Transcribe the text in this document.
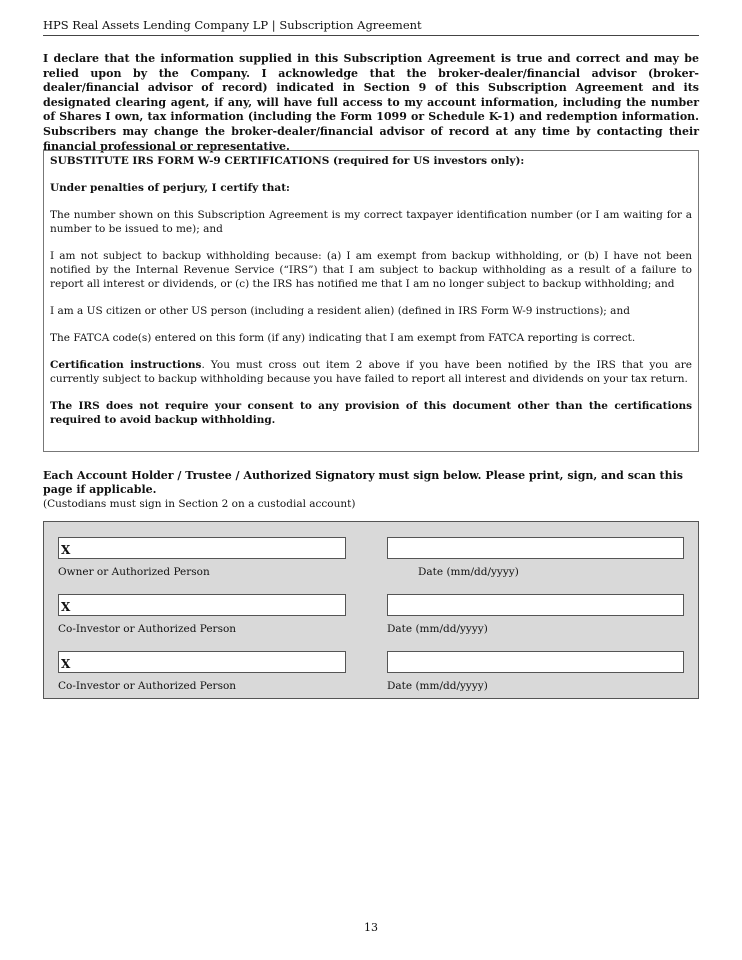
HPS Real Assets Lending Company LP | Subscription Agreement
I declare that the information supplied in this Subscription Agreement is true and correct and may be relied upon by the Company. I acknowledge that the broker-dealer/financial advisor (broker-dealer/financial advisor of record) indicated in Section 9 of this Subscription Agreement and its designated clearing agent, if any, will have full access to my account information, including the number of Shares I own, tax information (including the Form 1099 or Schedule K-1) and redemption information. Subscribers may change the broker-dealer/financial advisor of record at any time by contacting their financial professional or representative.

SUBSTITUTE IRS FORM W-9 CERTIFICATIONS (required for US investors only):

Under penalties of perjury, I certify that:

The number shown on this Subscription Agreement is my correct taxpayer identification number (or I am waiting for a number to be issued to me); and

I am not subject to backup withholding because: (a) I am exempt from backup withholding, or (b) I have not been notified by the Internal Revenue Service (“IRS”) that I am subject to backup withholding as a result of a failure to report all interest or dividends, or (c) the IRS has notified me that I am no longer subject to backup withholding; and

I am a US citizen or other US person (including a resident alien) (defined in IRS Form W-9 instructions); and

The FATCA code(s) entered on this form (if any) indicating that I am exempt from FATCA reporting is correct.

Certification instructions. You must cross out item 2 above if you have been notified by the IRS that you are currently subject to backup withholding because you have failed to report all interest and dividends on your tax return.

The IRS does not require your consent to any provision of this document other than the certifications required to avoid backup withholding.

Each Account Holder / Trustee / Authorized Signatory must sign below. Please print, sign, and scan this page if applicable.
(Custodians must sign in Section 2 on a custodial account)
X
Owner or Authorized Person	Date (mm/dd/yyyy)
X
Co-Investor or Authorized Person	Date (mm/dd/yyyy)
X
Co-Investor or Authorized Person	Date (mm/dd/yyyy)
13
